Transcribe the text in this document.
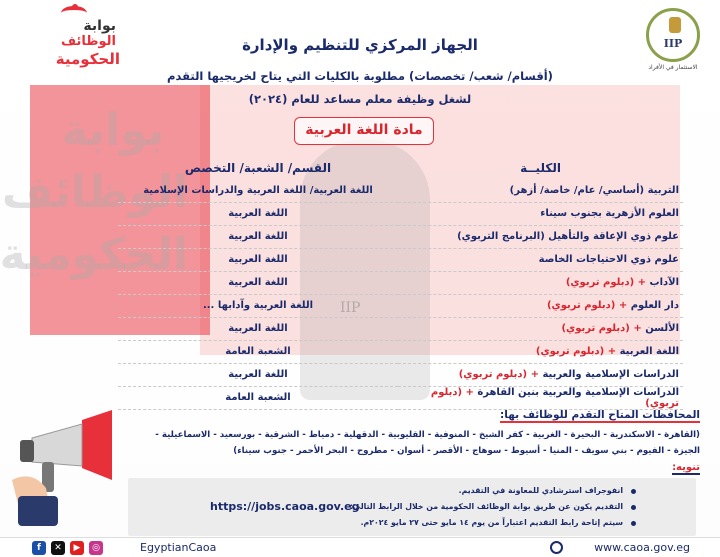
بوابة
الوظائف
الحكومية
IIP
بوابة
الوظائف
الحكومية
IIP
الاستثمار في الأفراد
الجهاز المركزي للتنظيم والإدارة
(أقسام/ شعب/ تخصصات) مطلوبة بالكليات التي يتاح لخريجيها التقدم
لشغل وظيفة معلم مساعد للعام (٢٠٢٤)
مادة اللغة العربية
الكليــة	القسم/ الشعبة/ التخصص
التربية (أساسي/ عام/ خاصة/ أزهر)	اللغة العربية/ اللغة العربية والدراسات الإسلامية
العلوم الأزهرية بجنوب سيناء	اللغة العربية
علوم ذوي الإعاقة والتأهيل (البرنامج التربوي)	اللغة العربية
علوم ذوي الاحتياجات الخاصة	اللغة العربية
الآداب + (دبلوم تربوي)	اللغة العربية
دار العلوم + (دبلوم تربوي)	اللغة العربية وآدابها ...
الألسن + (دبلوم تربوي)	اللغة العربية
اللغة العربية + (دبلوم تربوي)	الشعبة العامة
الدراسات الإسلامية والعربية + (دبلوم تربوي)	اللغة العربية
الدراسات الإسلامية والعربية بنين القاهرة + (دبلوم تربوي)	الشعبة العامة
المحافظات المتاح التقدم للوظائف بها:
(القاهرة - الاسكندرية - البحيرة - الغربية - كفر الشيخ - المنوفية - القليوبية - الدقهلية - دمياط - الشرقية - بورسعيد - الاسماعيلية -
الجيزة - الفيوم - بني سويف - المنيا - أسيوط - سوهاج - الأقصر - أسوان - مطروح - البحر الأحمر - جنوب سيناء)
تنويه:
انفوجراف استرشادي للمعاونة في التقديم.
التقديم يكون عن طريق بوابة الوظائف الحكومية من خلال الرابط التالي:
سيتم إتاحة رابط التقديم اعتباراً من يوم ١٤ مايو حتى ٢٧ مايو ٢٠٢٤م.
https://jobs.caoa.gov.eg
f	✕	▶	◎	EgyptianCaoa	www.caoa.gov.eg
